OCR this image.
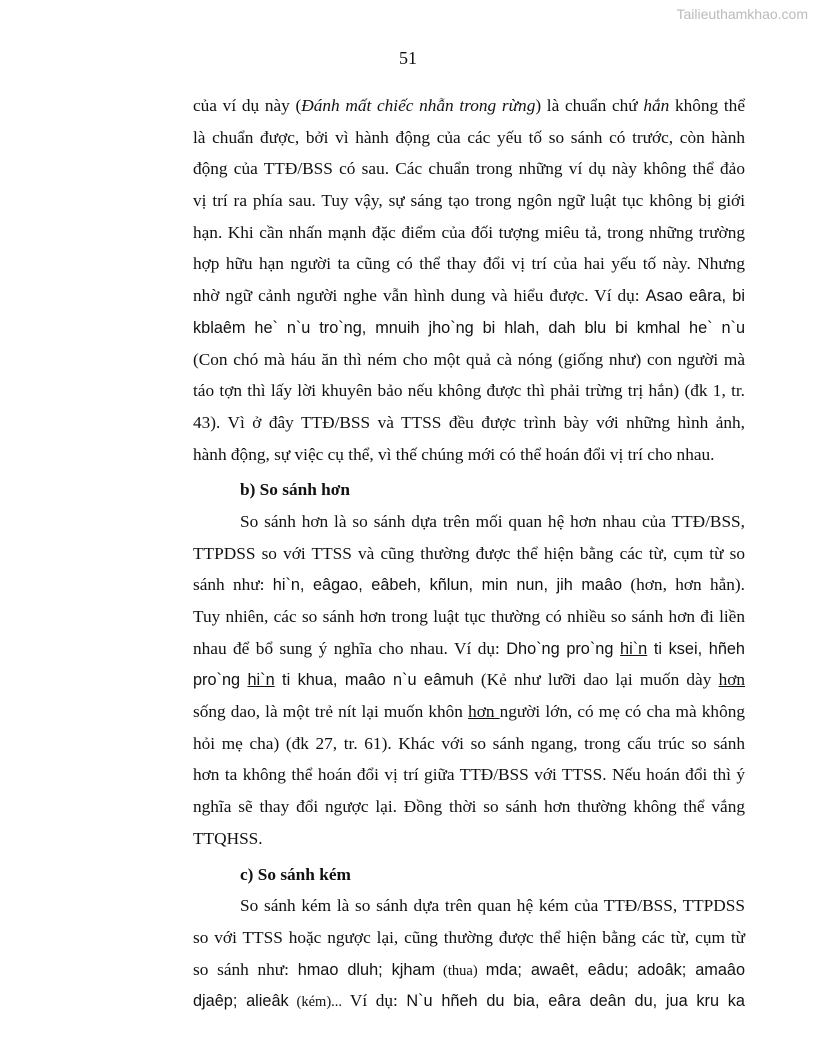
Tailieuthamkhao.com
51
của ví dụ này (Đánh mất chiếc nhẫn trong rừng) là chuẩn chứ hắn không thể
là chuẩn được, bởi vì hành động của các yếu tố so sánh có trước, còn hành
động của TTĐ/BSS có sau. Các chuẩn trong những ví dụ này không thể đảo
vị trí ra phía sau. Tuy vậy, sự sáng tạo trong ngôn ngữ luật tục không bị giới
hạn. Khi cần nhấn mạnh đặc điểm của đối tượng miêu tả, trong những trường
hợp hữu hạn người ta cũng có thể thay đổi vị trí của hai yếu tố này. Nhưng
nhờ ngữ cảnh người nghe vẫn hình dung và hiểu được. Ví dụ: Asao eâra, bi
kblaêm he` n`u tro`ng, mnuih jho`ng bi hlah, dah blu bi kmhal he` n`u
(Con chó mà háu ăn thì ném cho một quả cà nóng (giống như) con người mà
táo tợn thì lấy lời khuyên bảo nếu không được thì phải trừng trị hắn) (đk 1, tr.
43). Vì ở đây TTĐ/BSS và TTSS đều được trình bày với những hình ảnh,
hành động, sự việc cụ thể, vì thế chúng mới có thể hoán đổi vị trí cho nhau.
b) So sánh hơn
So sánh hơn là so sánh dựa trên mối quan hệ hơn nhau của TTĐ/BSS,
TTPDSS so với TTSS và cũng thường được thể hiện bằng các từ, cụm từ so
sánh như: hi`n, eâgao, eâbeh, kñlun, min nun, jih maâo (hơn, hơn hẳn).
Tuy nhiên, các so sánh hơn trong luật tục thường có nhiều so sánh hơn đi liền
nhau để bổ sung ý nghĩa cho nhau. Ví dụ: Dho`ng pro`ng hi`n ti ksei, hñeh
pro`ng hi`n ti khua, maâo n`u eâmuh (Kẻ như lưỡi dao lại muốn dày hơn
sống dao, là một trẻ nít lại muốn khôn hơn người lớn, có mẹ có cha mà không
hỏi mẹ cha) (đk 27, tr. 61). Khác với so sánh ngang, trong cấu trúc so sánh
hơn ta không thể hoán đổi vị trí giữa TTĐ/BSS với TTSS. Nếu hoán đổi thì ý
nghĩa sẽ thay đổi ngược lại. Đồng thời so sánh hơn thường không thể vắng
TTQHSS.
c) So sánh kém
So sánh kém là so sánh dựa trên quan hệ kém của TTĐ/BSS, TTPDSS
so với TTSS hoặc ngược lại, cũng thường được thể hiện bằng các từ, cụm từ
so sánh như: hmao dluh; kjham (thua) mda; awaêt, eâdu; adoâk; amaâo
djaêp; alieâk (kém)... Ví dụ: N`u hñeh du bia, eâra deân du, jua kru ka
